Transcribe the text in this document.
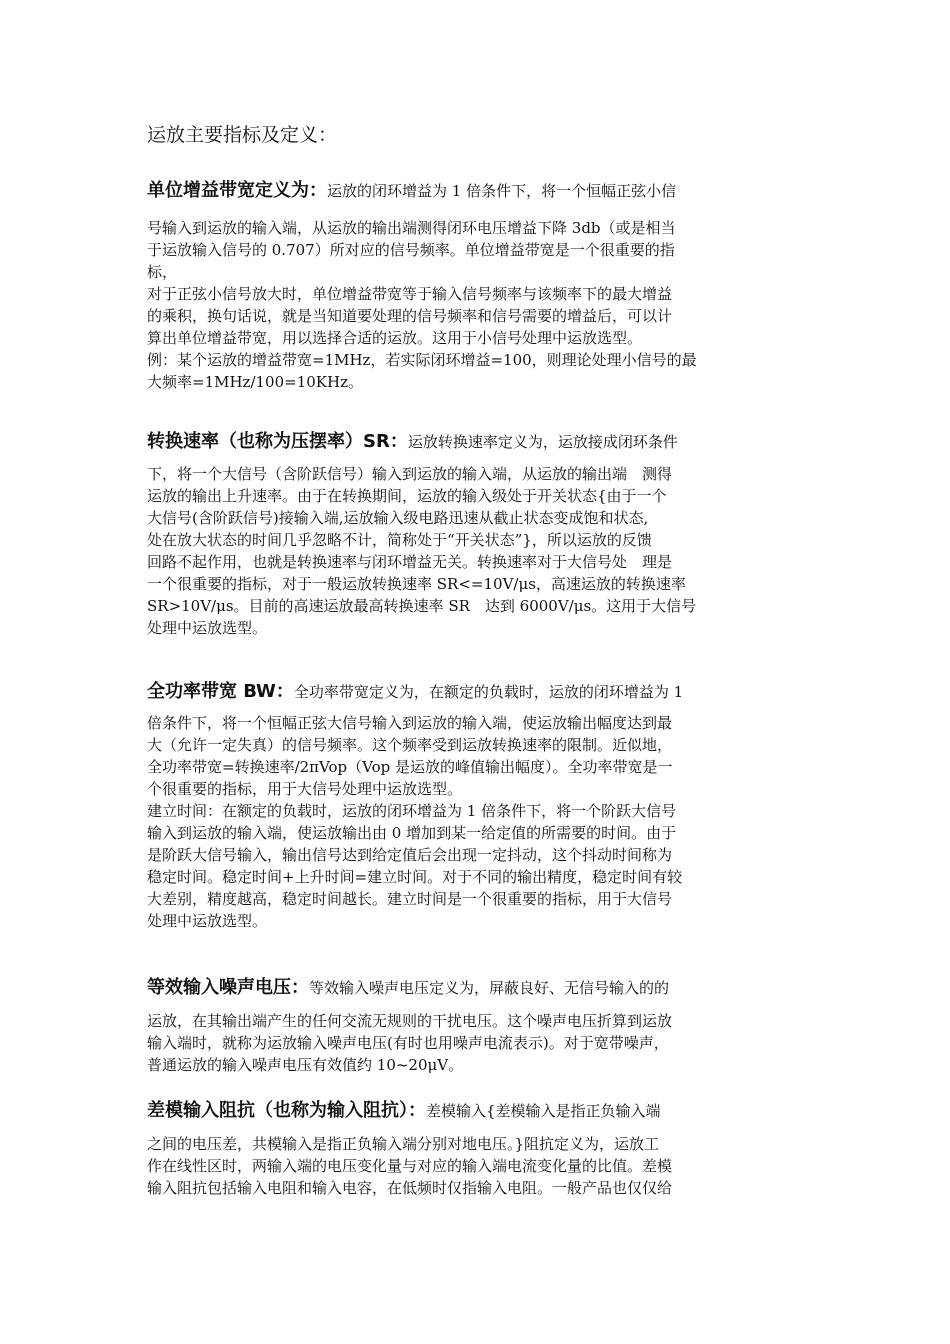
运放主要指标及定义：
单位增益带宽定义为：运放的闭环增益为 1 倍条件下，将一个恒幅正弦小信
号输入到运放的输入端，从运放的输出端测得闭环电压增益下降 3db（或是相当
于运放输入信号的 0.707）所对应的信号频率。单位增益带宽是一个很重要的指
标，
对于正弦小信号放大时，单位增益带宽等于输入信号频率与该频率下的最大增益
的乘积，换句话说，就是当知道要处理的信号频率和信号需要的增益后，可以计
算出单位增益带宽，用以选择合适的运放。这用于小信号处理中运放选型。
例：某个运放的增益带宽=1MHz，若实际闭环增益=100，则理论处理小信号的最
大频率=1MHz/100=10KHz。
转换速率（也称为压摆率）SR：运放转换速率定义为，运放接成闭环条件
下，将一个大信号（含阶跃信号）输入到运放的输入端，从运放的输出端　测得
运放的输出上升速率。由于在转换期间，运放的输入级处于开关状态{由于一个
大信号(含阶跃信号)接输入端,运放输入级电路迅速从截止状态变成饱和状态,
处在放大状态的时间几乎忽略不计，简称处于“开关状态”}，所以运放的反馈
回路不起作用，也就是转换速率与闭环增益无关。转换速率对于大信号处　理是
一个很重要的指标，对于一般运放转换速率 SR<=10V/μs，高速运放的转换速率
SR>10V/μs。目前的高速运放最高转换速率 SR　达到 6000V/μs。这用于大信号
处理中运放选型。
全功率带宽 BW：全功率带宽定义为，在额定的负载时，运放的闭环增益为 1
倍条件下，将一个恒幅正弦大信号输入到运放的输入端，使运放输出幅度达到最
大（允许一定失真）的信号频率。这个频率受到运放转换速率的限制。近似地，
全功率带宽=转换速率/2πVop（Vop 是运放的峰值输出幅度）。全功率带宽是一
个很重要的指标，用于大信号处理中运放选型。
建立时间：在额定的负载时，运放的闭环增益为 1 倍条件下，将一个阶跃大信号
输入到运放的输入端，使运放输出由 0 增加到某一给定值的所需要的时间。由于
是阶跃大信号输入，输出信号达到给定值后会出现一定抖动，这个抖动时间称为
稳定时间。稳定时间+上升时间=建立时间。对于不同的输出精度，稳定时间有较
大差别，精度越高，稳定时间越长。建立时间是一个很重要的指标，用于大信号
处理中运放选型。
等效输入噪声电压：等效输入噪声电压定义为，屏蔽良好、无信号输入的的
运放，在其输出端产生的任何交流无规则的干扰电压。这个噪声电压折算到运放
输入端时，就称为运放输入噪声电压(有时也用噪声电流表示)。对于宽带噪声，
普通运放的输入噪声电压有效值约 10~20μV。
差模输入阻抗（也称为输入阻抗）：差模输入{差模输入是指正负输入端
之间的电压差，共模输入是指正负输入端分别对地电压。}阻抗定义为，运放工
作在线性区时，两输入端的电压变化量与对应的输入端电流变化量的比值。差模
输入阻抗包括输入电阻和输入电容，在低频时仅指输入电阻。一般产品也仅仅给
